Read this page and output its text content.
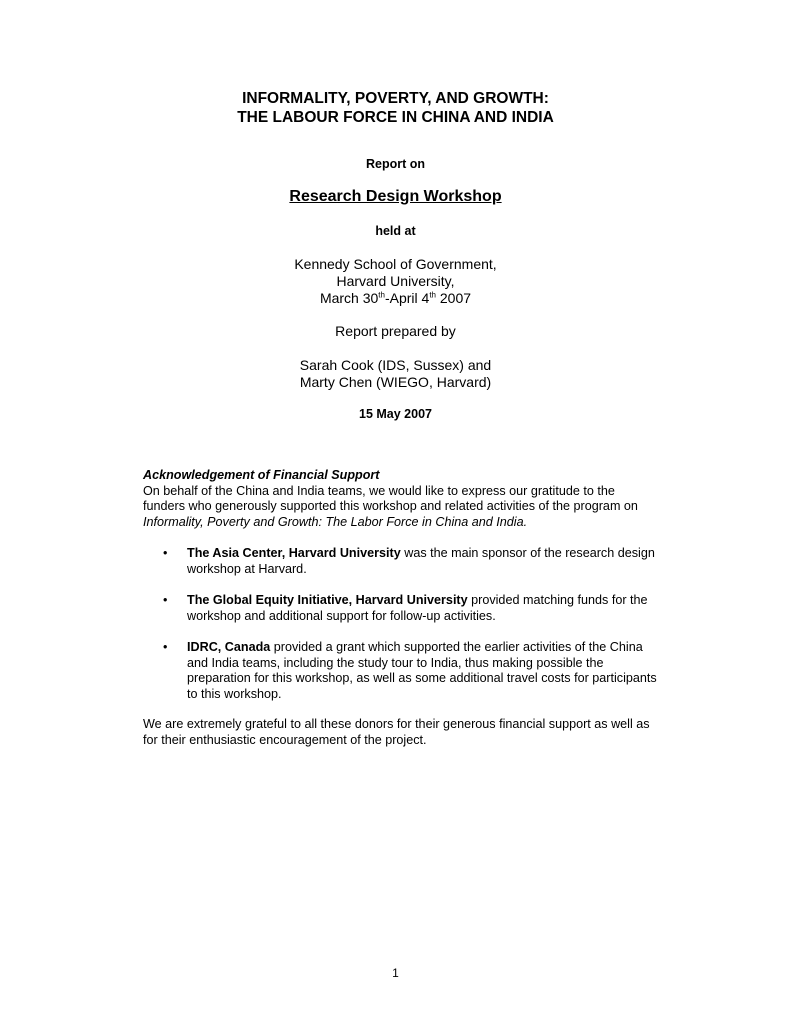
INFORMALITY, POVERTY, AND GROWTH:
THE LABOUR FORCE IN CHINA AND INDIA
Report on
Research Design Workshop
held at
Kennedy School of Government,
Harvard University,
March 30th-April 4th 2007
Report prepared by
Sarah Cook (IDS, Sussex) and
Marty Chen (WIEGO, Harvard)
15 May 2007
Acknowledgement of Financial Support
On behalf of the China and India teams, we would like to express our gratitude to the funders who generously supported this workshop and related activities of the program on Informality, Poverty and Growth: The Labor Force in China and India.
•	The Asia Center, Harvard University was the main sponsor of the research design workshop at Harvard.
•	The Global Equity Initiative, Harvard University provided matching funds for the workshop and additional support for follow-up activities.
•	IDRC, Canada provided a grant which supported the earlier activities of the China and India teams, including the study tour to India, thus making possible the preparation for this workshop, as well as some additional travel costs for participants to this workshop.
We are extremely grateful to all these donors for their generous financial support as well as for their enthusiastic encouragement of the project.
1
